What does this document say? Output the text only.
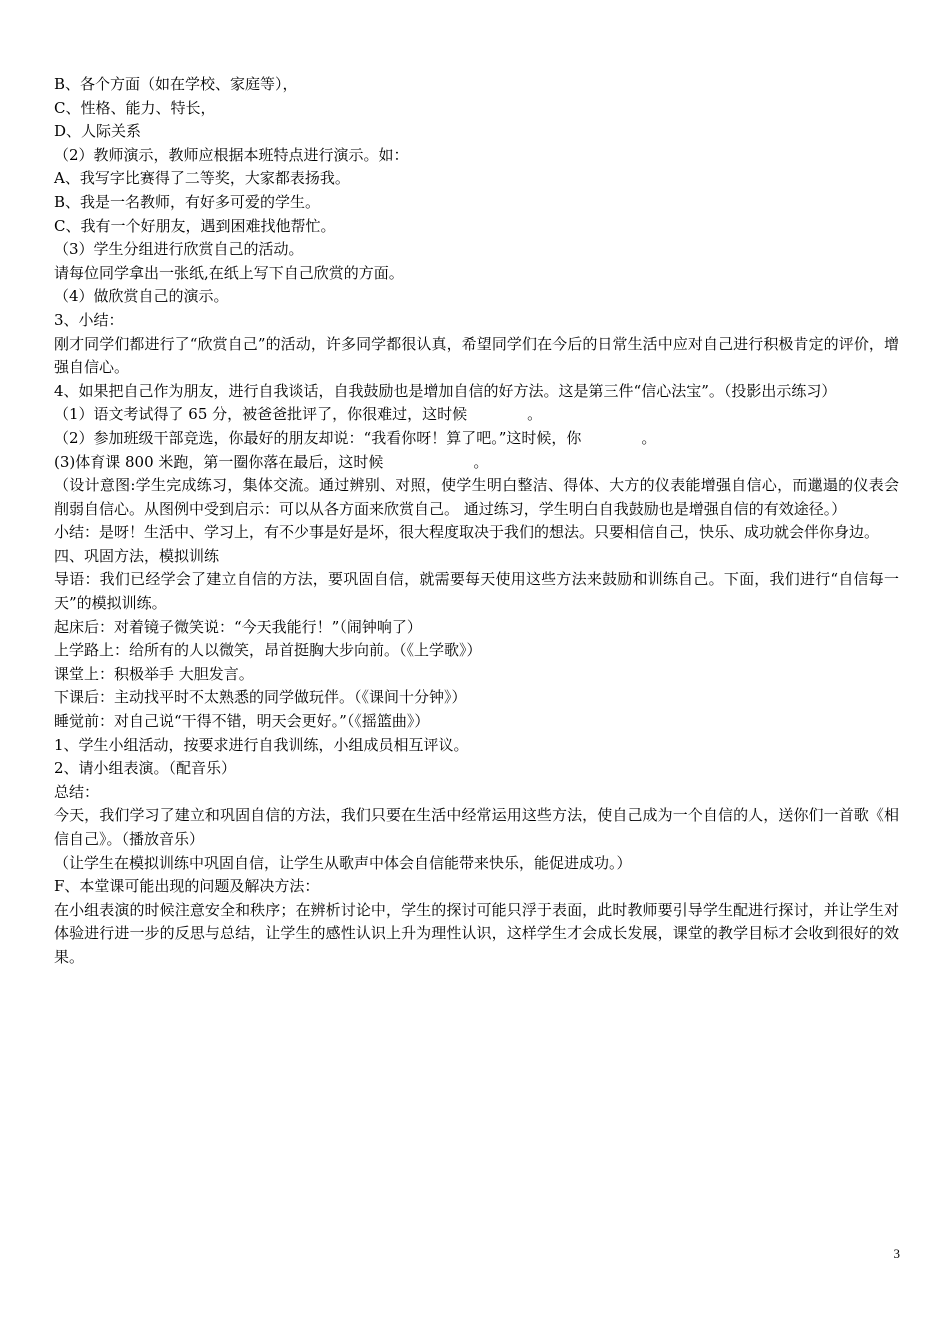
B、各个方面（如在学校、家庭等），

C、性格、能力、特长，

D、人际关系

（2）教师演示，教师应根据本班特点进行演示。如：

A、我写字比赛得了二等奖，大家都表扬我。

B、我是一名教师，有好多可爱的学生。

C、我有一个好朋友，遇到困难找他帮忙。

（3）学生分组进行欣赏自己的活动。

请每位同学拿出一张纸,在纸上写下自己欣赏的方面。

（4）做欣赏自己的演示。

3、小结：

刚才同学们都进行了“欣赏自己”的活动，许多同学都很认真，希望同学们在今后的日常生活中应对自己进行积极肯定的评价，增强自信心。

4、如果把自己作为朋友，进行自我谈话，自我鼓励也是增加自信的好方法。这是第三件“信心法宝”。（投影出示练习）

（1）语文考试得了 65 分，被爸爸批评了，你很难过，这时候　　　　。

（2）参加班级干部竞选，你最好的朋友却说：“我看你呀！算了吧。”这时候，你　　　　。

(3)体育课 800 米跑，第一圈你落在最后，这时候　　　　　　。

（设计意图:学生完成练习，集体交流。通过辨别、对照，使学生明白整洁、得体、大方的仪表能增强自信心，而邋遢的仪表会削弱自信心。从图例中受到启示：可以从各方面来欣赏自己。 通过练习，学生明白自我鼓励也是增强自信的有效途径。）

小结：是呀！生活中、学习上，有不少事是好是坏，很大程度取决于我们的想法。只要相信自己，快乐、成功就会伴你身边。

四、巩固方法，模拟训练

导语：我们已经学会了建立自信的方法，要巩固自信，就需要每天使用这些方法来鼓励和训练自己。下面，我们进行“自信每一天”的模拟训练。

起床后：对着镜子微笑说：“今天我能行！”（闹钟响了）

上学路上：给所有的人以微笑，昂首挺胸大步向前。（《上学歌》）

课堂上：积极举手 大胆发言。

下课后：主动找平时不太熟悉的同学做玩伴。（《课间十分钟》）

睡觉前：对自己说“干得不错，明天会更好。”（《摇篮曲》）

1、学生小组活动，按要求进行自我训练，小组成员相互评议。

2、请小组表演。（配音乐）

总结：

今天，我们学习了建立和巩固自信的方法，我们只要在生活中经常运用这些方法，使自己成为一个自信的人，送你们一首歌《相信自己》。（播放音乐）

（让学生在模拟训练中巩固自信，让学生从歌声中体会自信能带来快乐，能促进成功。）

F、本堂课可能出现的问题及解决方法：

在小组表演的时候注意安全和秩序；在辨析讨论中，学生的探讨可能只浮于表面，此时教师要引导学生配进行探讨，并让学生对体验进行进一步的反思与总结，让学生的感性认识上升为理性认识，这样学生才会成长发展，课堂的教学目标才会收到很好的效果。

3
